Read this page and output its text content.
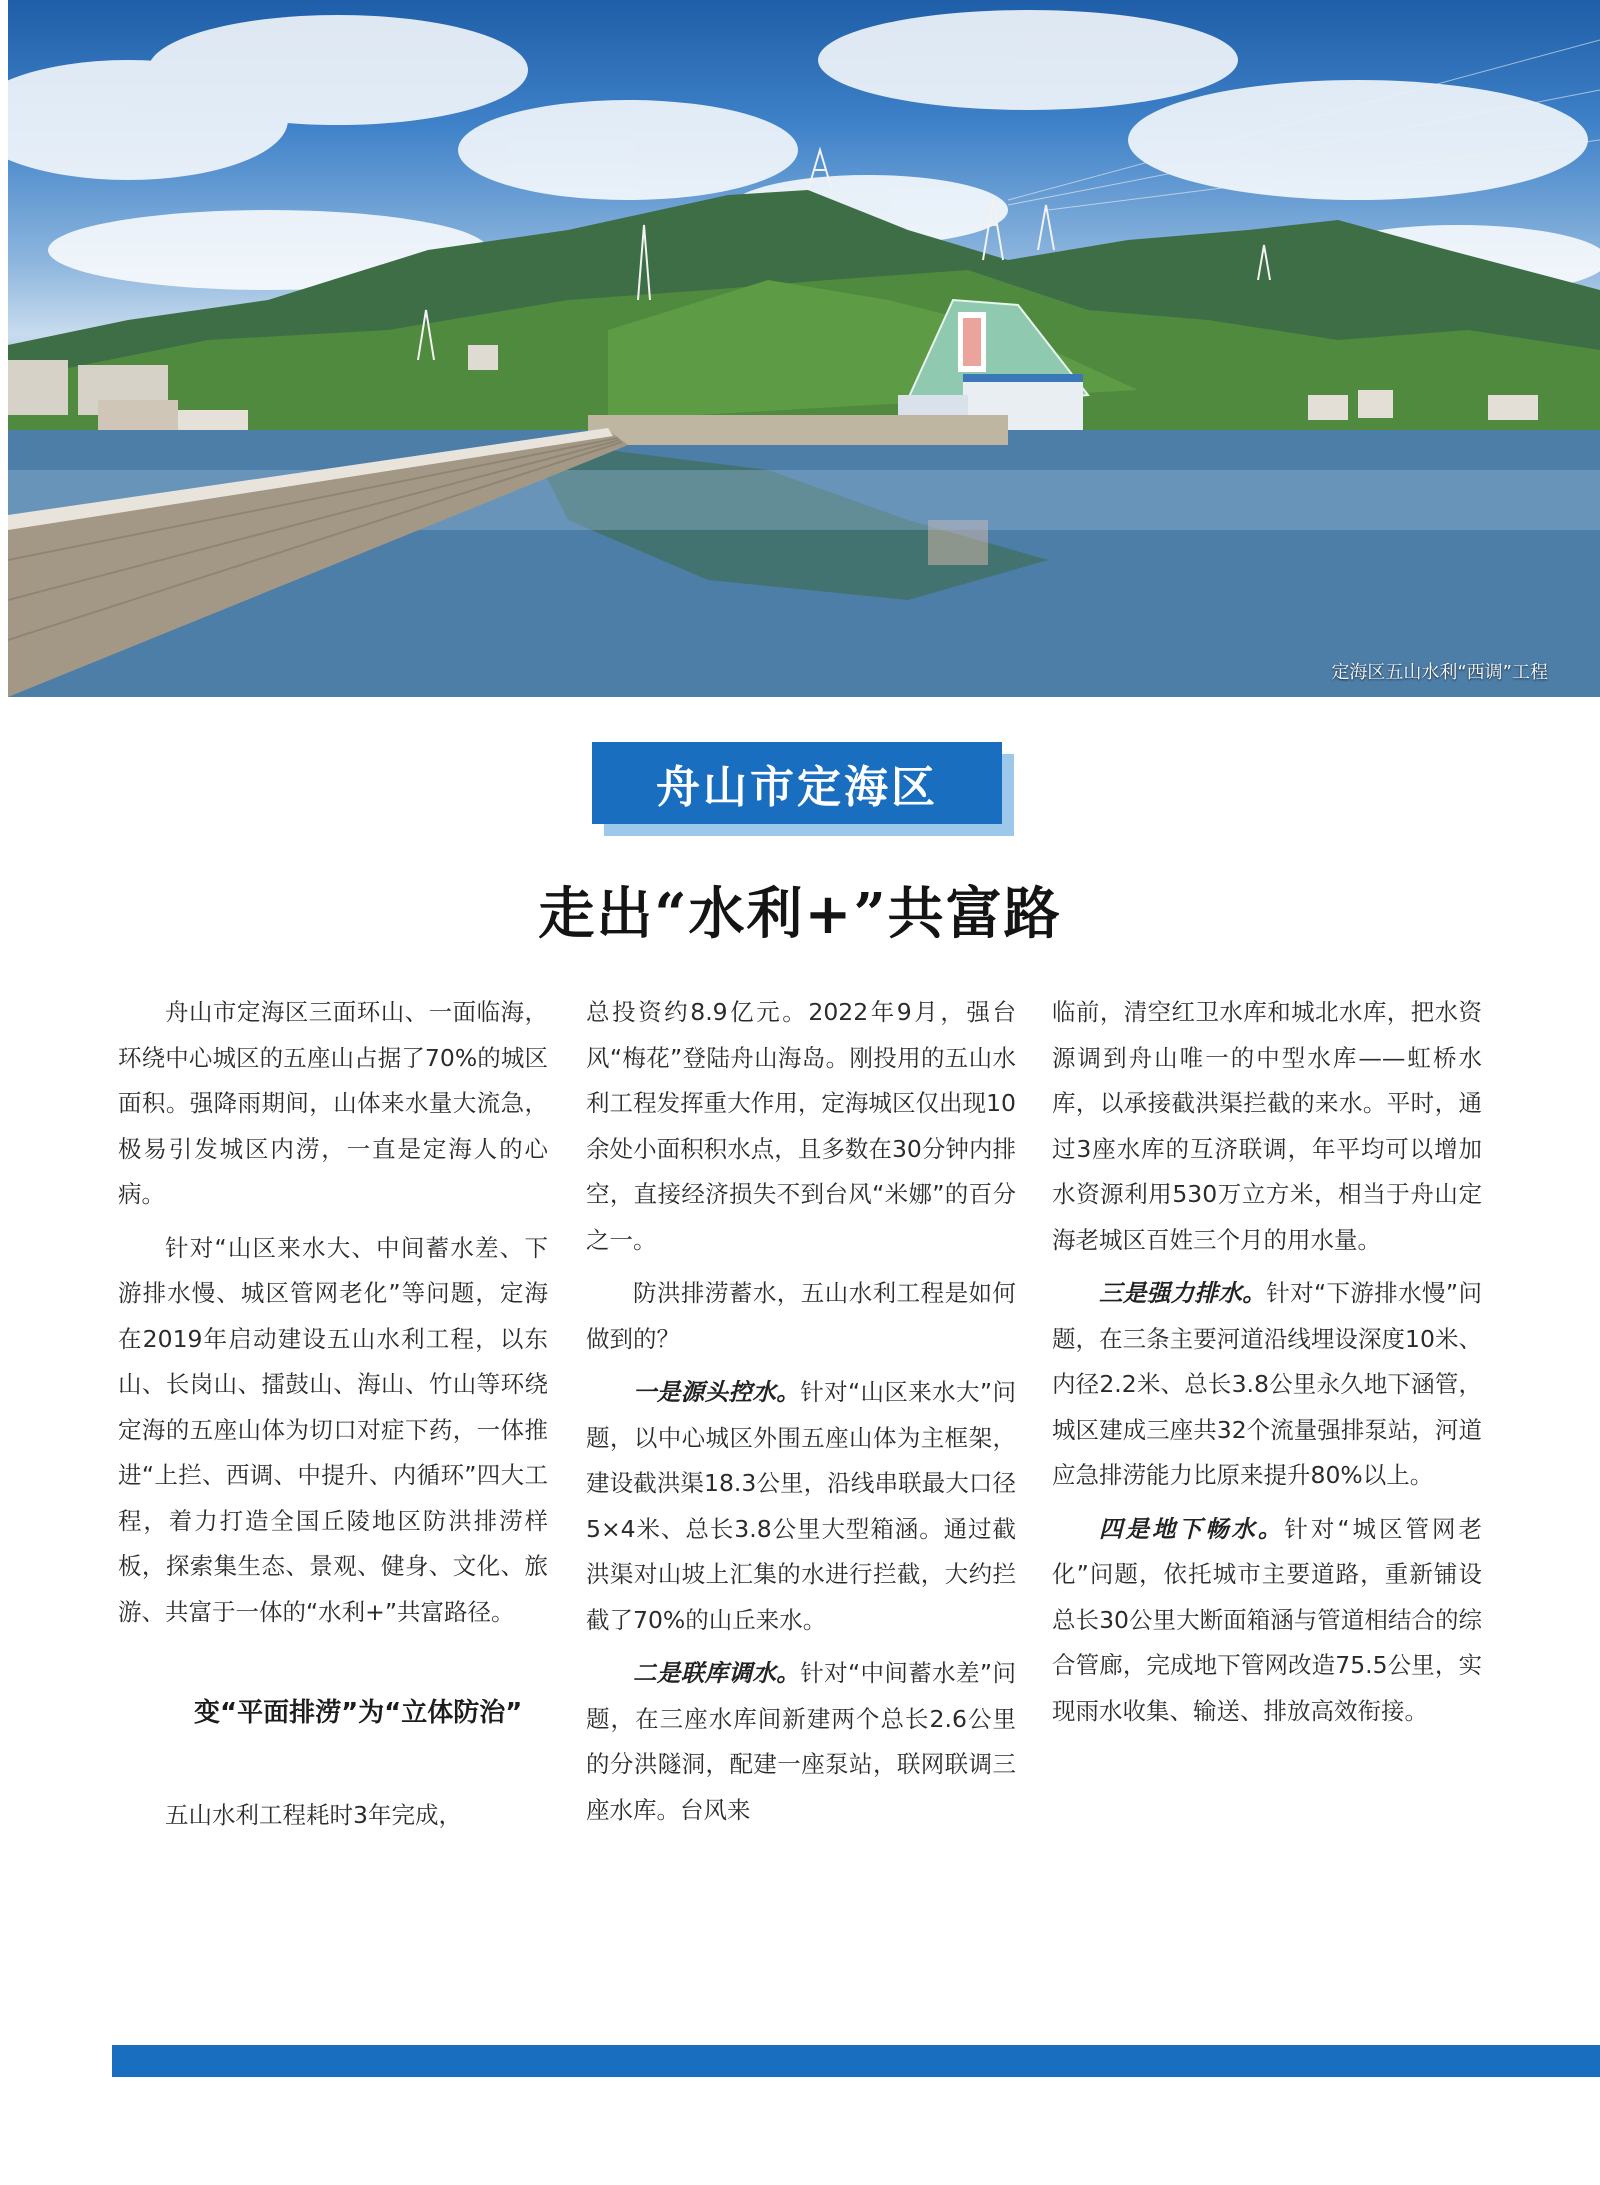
定海区五山水利“西调”工程
舟山市定海区
走出“水利+”共富路

舟山市定海区三面环山、一面临海，环绕中心城区的五座山占据了70%的城区面积。强降雨期间，山体来水量大流急，极易引发城区内涝，一直是定海人的心病。

针对“山区来水大、中间蓄水差、下游排水慢、城区管网老化”等问题，定海在2019年启动建设五山水利工程，以东山、长岗山、擂鼓山、海山、竹山等环绕定海的五座山体为切口对症下药，一体推进“上拦、西调、中提升、内循环”四大工程，着力打造全国丘陵地区防洪排涝样板，探索集生态、景观、健身、文化、旅游、共富于一体的“水利+”共富路径。

变“平面排涝”为“立体防治”

五山水利工程耗时3年完成，

总投资约8.9亿元。2022年9月，强台风“梅花”登陆舟山海岛。刚投用的五山水利工程发挥重大作用，定海城区仅出现10余处小面积积水点，且多数在30分钟内排空，直接经济损失不到台风“米娜”的百分之一。

防洪排涝蓄水，五山水利工程是如何做到的？

一是源头控水。针对“山区来水大”问题，以中心城区外围五座山体为主框架，建设截洪渠18.3公里，沿线串联最大口径5×4米、总长3.8公里大型箱涵。通过截洪渠对山坡上汇集的水进行拦截，大约拦截了70%的山丘来水。

二是联库调水。针对“中间蓄水差”问题，在三座水库间新建两个总长2.6公里的分洪隧洞，配建一座泵站，联网联调三座水库。台风来

临前，清空红卫水库和城北水库，把水资源调到舟山唯一的中型水库——虹桥水库，以承接截洪渠拦截的来水。平时，通过3座水库的互济联调，年平均可以增加水资源利用530万立方米，相当于舟山定海老城区百姓三个月的用水量。

三是强力排水。针对“下游排水慢”问题，在三条主要河道沿线埋设深度10米、内径2.2米、总长3.8公里永久地下涵管，城区建成三座共32个流量强排泵站，河道应急排涝能力比原来提升80%以上。

四是地下畅水。针对“城区管网老化”问题，依托城市主要道路，重新铺设总长30公里大断面箱涵与管道相结合的综合管廊，完成地下管网改造75.5公里，实现雨水收集、输送、排放高效衔接。
